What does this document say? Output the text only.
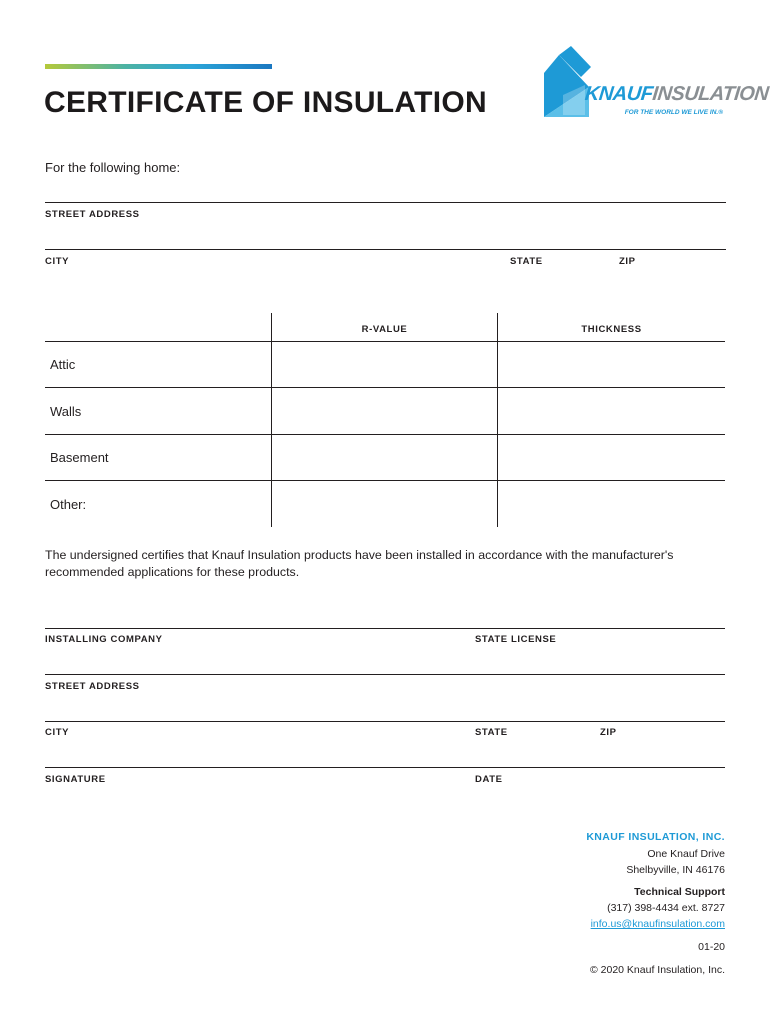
CERTIFICATE OF INSULATION	KNAUFINSULATION
FOR THE WORLD WE LIVE IN.®
For the following home:
STREET ADDRESS
CITY	STATE	ZIP
R-VALUE	THICKNESS
Attic
Walls
Basement
Other:
The undersigned certifies that Knauf Insulation products have been installed in accordance with the manufacturer's recommended applications for these products.
INSTALLING COMPANY	STATE LICENSE
STREET ADDRESS
CITY	STATE	ZIP
SIGNATURE	DATE
KNAUF INSULATION, INC.
One Knauf Drive
Shelbyville, IN 46176
Technical Support
(317) 398-4434 ext. 8727
info.us@knaufinsulation.com
01-20
© 2020 Knauf Insulation, Inc.
